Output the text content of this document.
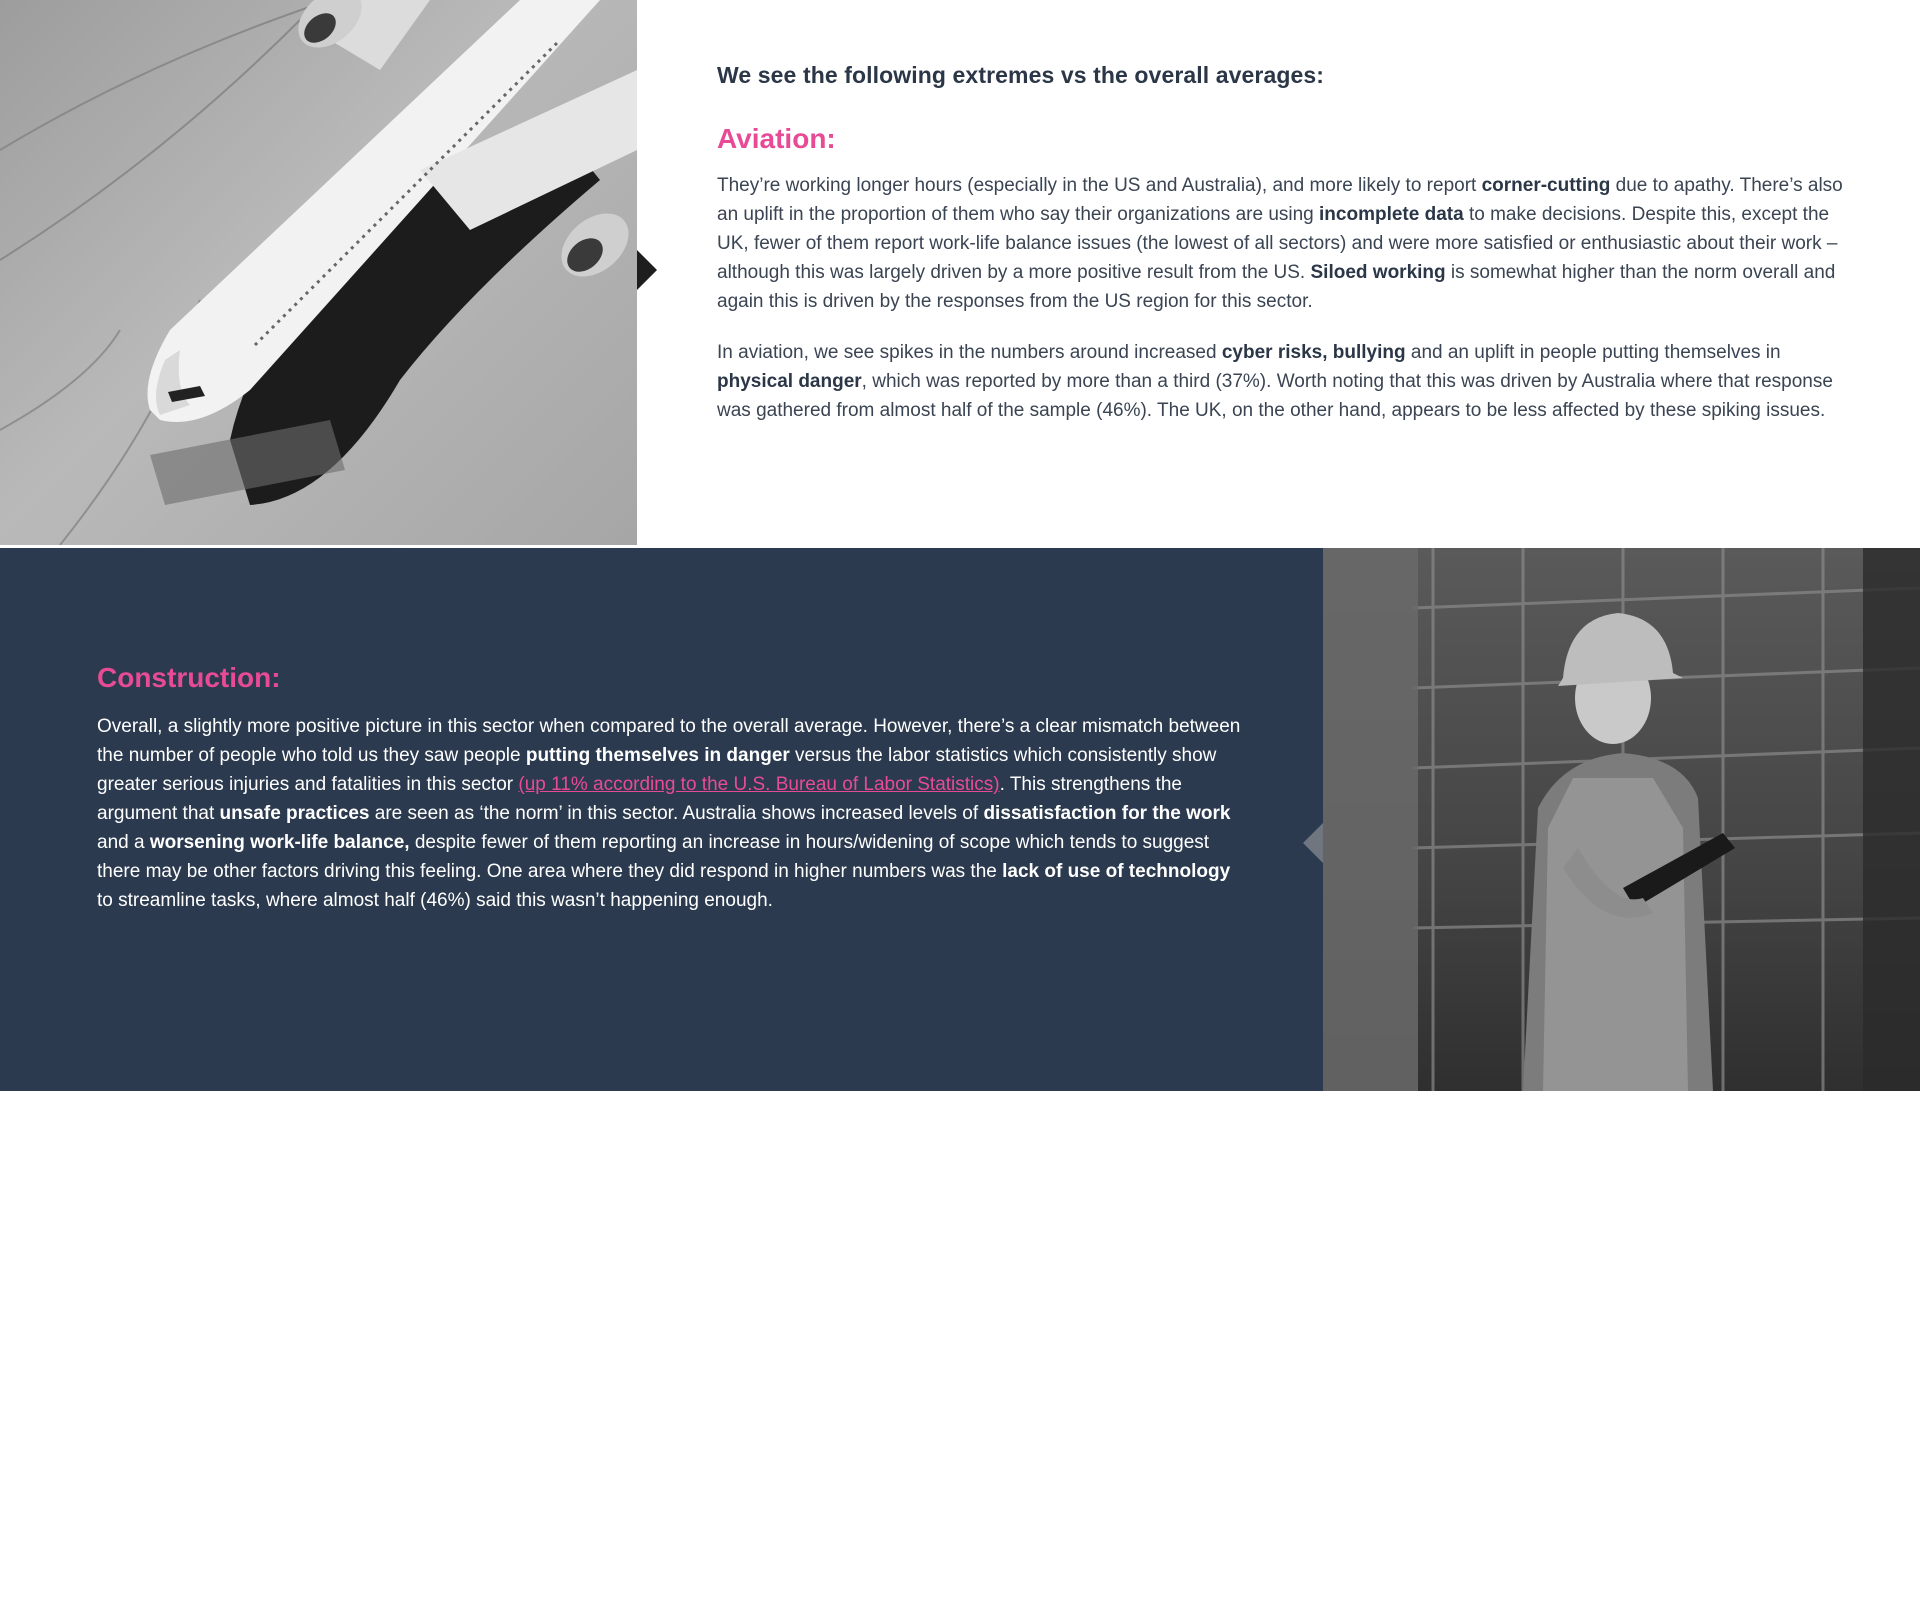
We see the following extremes vs the overall averages:

Aviation:

They’re working longer hours (especially in the US and Australia), and more likely to report corner-cutting due to apathy. There’s also an uplift in the proportion of them who say their organizations are using incomplete data to make decisions. Despite this, except the UK, fewer of them report work-life balance issues (the lowest of all sectors) and were more satisfied or enthusiastic about their work – although this was largely driven by a more positive result from the US. Siloed working is somewhat higher than the norm overall and again this is driven by the responses from the US region for this sector.

In aviation, we see spikes in the numbers around increased cyber risks, bullying and an uplift in people putting themselves in physical danger, which was reported by more than a third (37%). Worth noting that this was driven by Australia where that response was gathered from almost half of the sample (46%). The UK, on the other hand, appears to be less affected by these spiking issues.

Construction:

Overall, a slightly more positive picture in this sector when compared to the overall average. However, there’s a clear mismatch between the number of people who told us they saw people putting themselves in danger versus the labor statistics which consistently show greater serious injuries and fatalities in this sector (up 11% according to the U.S. Bureau of Labor Statistics). This strengthens the argument that unsafe practices are seen as ‘the norm’ in this sector. Australia shows increased levels of dissatisfaction for the work and a worsening work-life balance, despite fewer of them reporting an increase in hours/widening of scope which tends to suggest there may be other factors driving this feeling. One area where they did respond in higher numbers was the lack of use of technology to streamline tasks, where almost half (46%) said this wasn’t happening enough.

Ideagen report: Resilience nation 31
